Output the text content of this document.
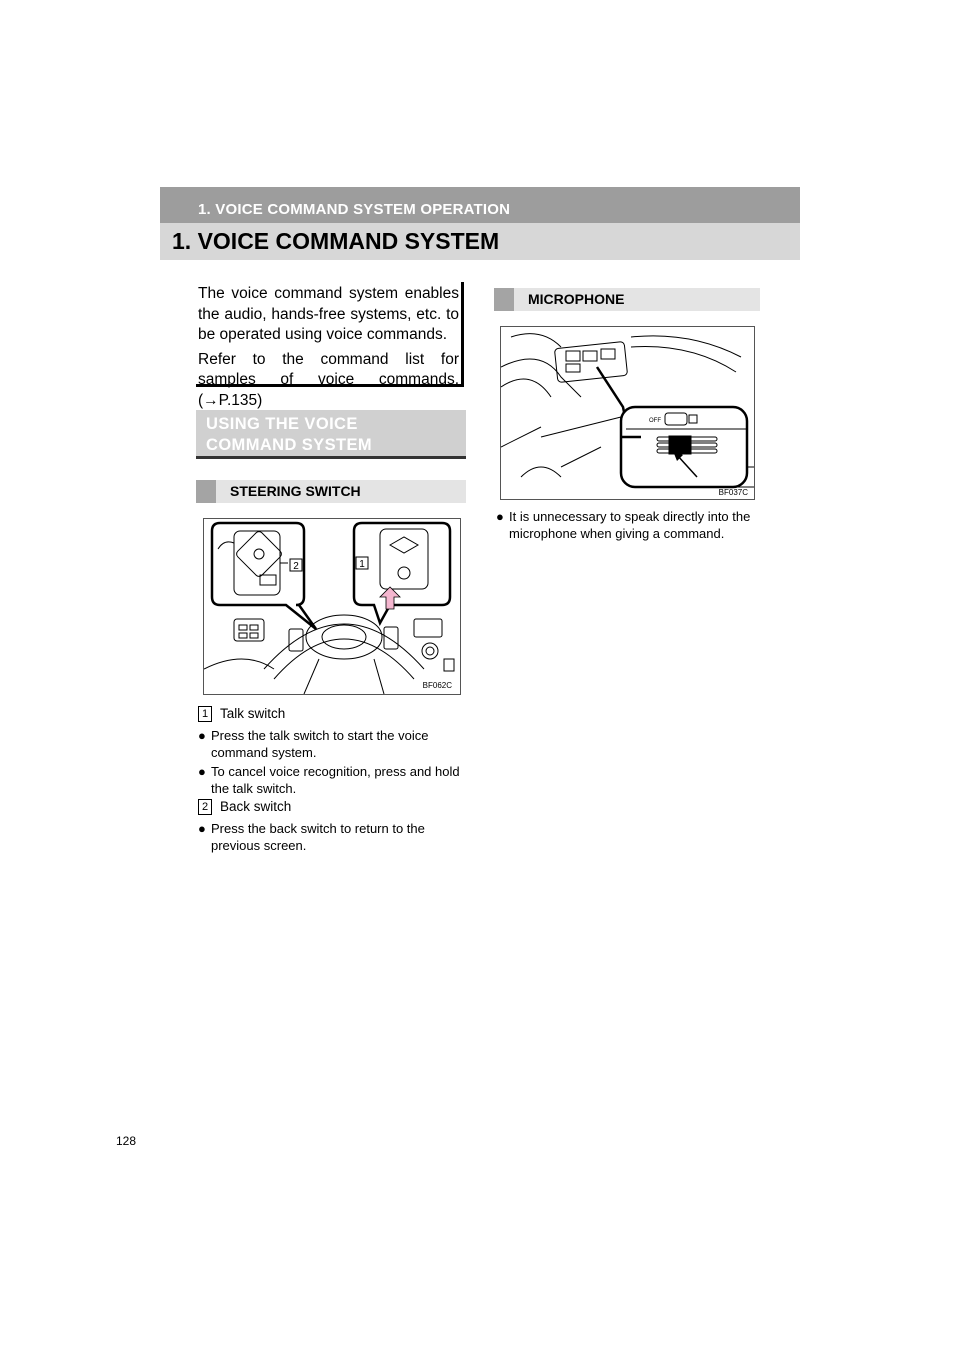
1. VOICE COMMAND SYSTEM OPERATION
1. VOICE COMMAND SYSTEM

The voice command system enables the audio, hands-free systems, etc. to be operated using voice commands.

Refer to the command list for samples of voice commands. (→P.135)

USING THE VOICE
COMMAND SYSTEM
STEERING SWITCH
2	1
BF062C
1 Talk switch
● Press the talk switch to start the voice command system.
● To cancel voice recognition, press and hold the talk switch.
2 Back switch
● Press the back switch to return to the previous screen.
MICROPHONE
OFF
BF037C
● It is unnecessary to speak directly into the microphone when giving a command.
128
